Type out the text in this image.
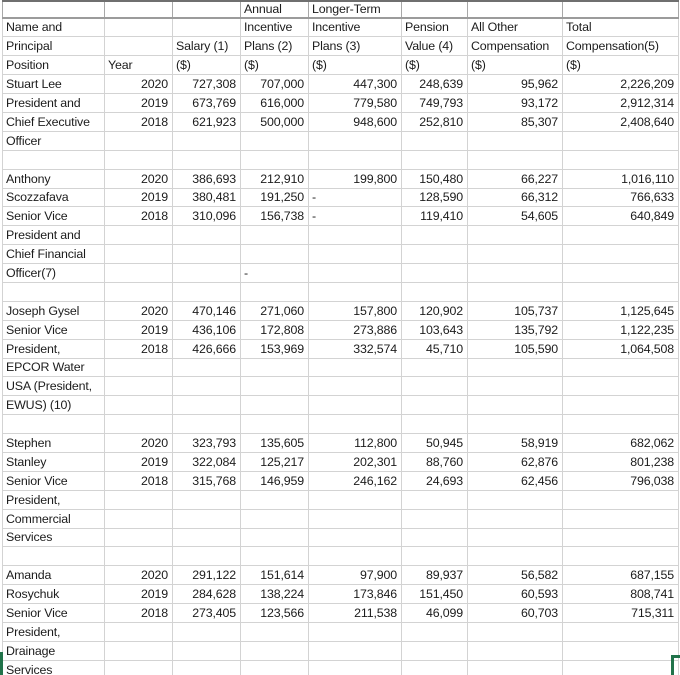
			Annual	Longer-Term			
Name and			Incentive	Incentive	Pension	All Other	Total
Principal		Salary (1)	Plans (2)	Plans (3)	Value (4)	Compensation	Compensation(5)
Position	Year	($)	($)	($)	($)	($)	($)
Stuart Lee	2020	727,308	707,000	447,300	248,639	95,962	2,226,209
President and	2019	673,769	616,000	779,580	749,793	93,172	2,912,314
Chief Executive	2018	621,923	500,000	948,600	252,810	85,307	2,408,640
Officer							

Anthony	2020	386,693	212,910	199,800	150,480	66,227	1,016,110
Scozzafava	2019	380,481	191,250	-	128,590	66,312	766,633
Senior Vice	2018	310,096	156,738	-	119,410	54,605	640,849
President and							
Chief Financial							
Officer(7)			-				

Joseph Gysel	2020	470,146	271,060	157,800	120,902	105,737	1,125,645
Senior Vice	2019	436,106	172,808	273,886	103,643	135,792	1,122,235
President,	2018	426,666	153,969	332,574	45,710	105,590	1,064,508
EPCOR Water							
USA (President,							
EWUS) (10)							

Stephen	2020	323,793	135,605	112,800	50,945	58,919	682,062
Stanley	2019	322,084	125,217	202,301	88,760	62,876	801,238
Senior Vice	2018	315,768	146,959	246,162	24,693	62,456	796,038
President,							
Commercial							
Services							

Amanda	2020	291,122	151,614	97,900	89,937	56,582	687,155
Rosychuk	2019	284,628	138,224	173,846	151,450	60,593	808,741
Senior Vice	2018	273,405	123,566	211,538	46,099	60,703	715,311
President,							
Drainage							
Services							
